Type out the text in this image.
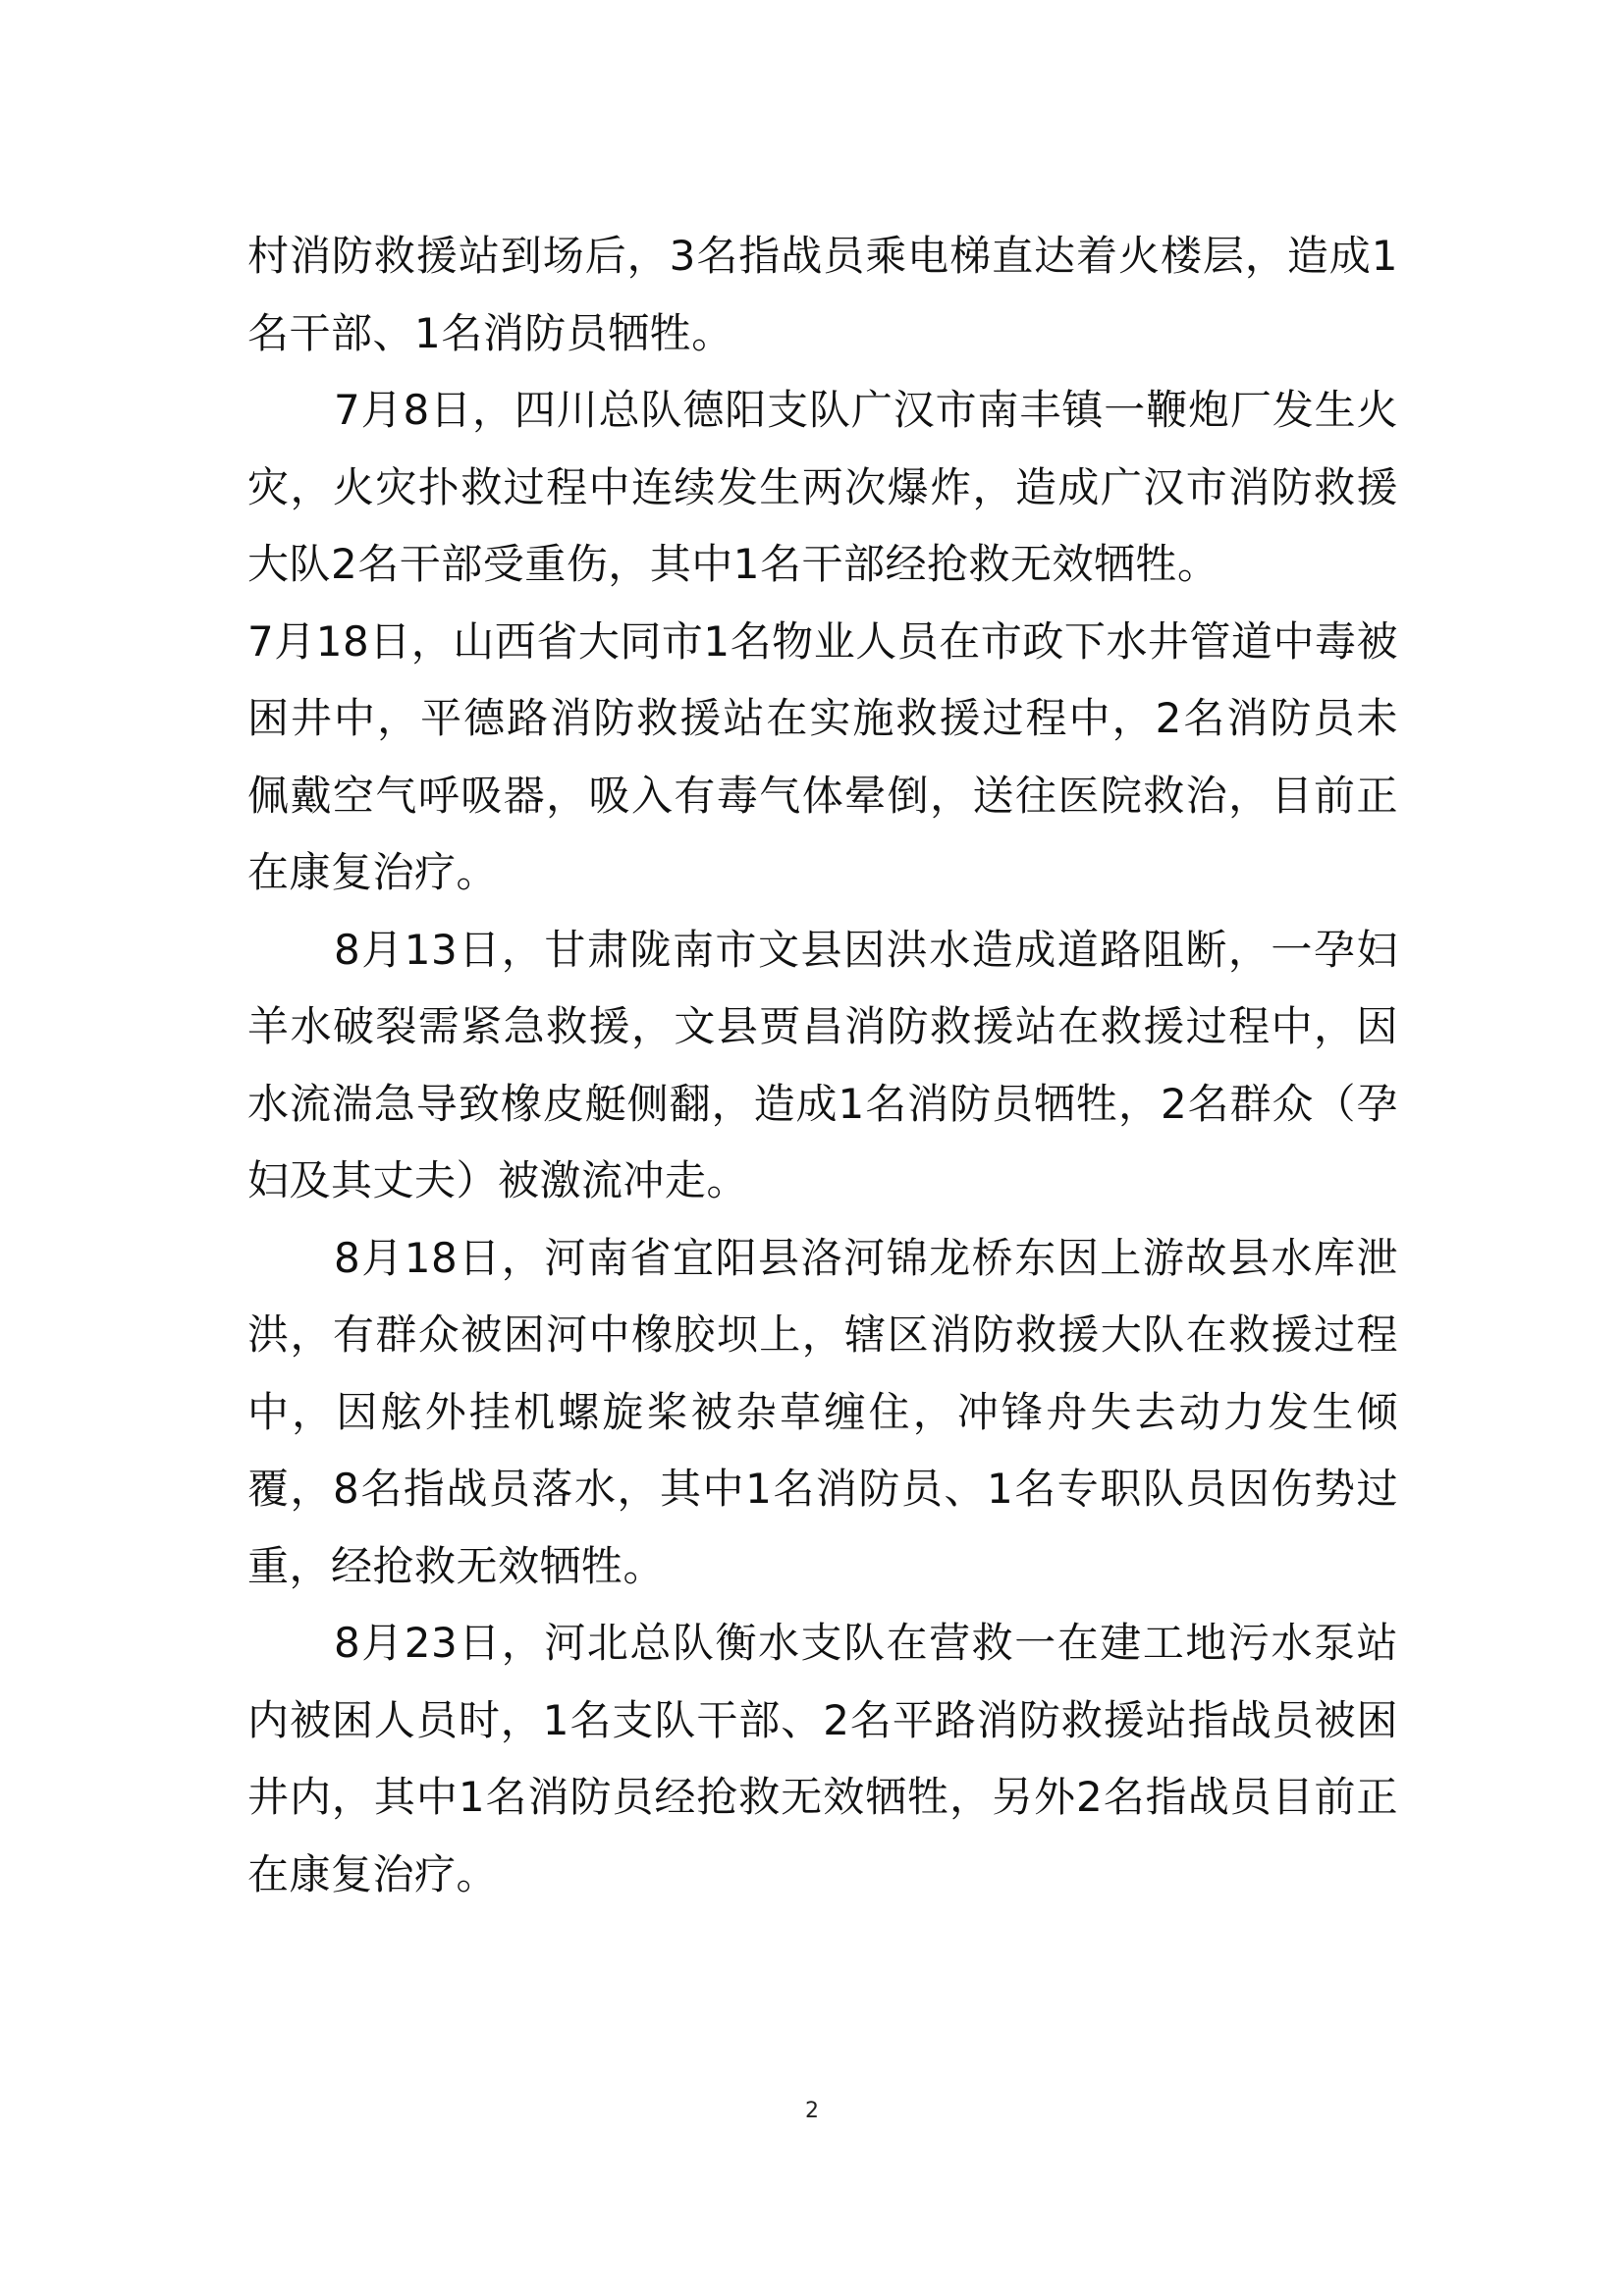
村消防救援站到场后，3名指战员乘电梯直达着火楼层，造成1名干部、1名消防员牺牲。

7月8日，四川总队德阳支队广汉市南丰镇一鞭炮厂发生火灾，火灾扑救过程中连续发生两次爆炸，造成广汉市消防救援大队2名干部受重伤，其中1名干部经抢救无效牺牲。

7月18日，山西省大同市1名物业人员在市政下水井管道中毒被困井中，平德路消防救援站在实施救援过程中，2名消防员未佩戴空气呼吸器，吸入有毒气体晕倒，送往医院救治，目前正在康复治疗。

8月13日，甘肃陇南市文县因洪水造成道路阻断，一孕妇羊水破裂需紧急救援，文县贾昌消防救援站在救援过程中，因水流湍急导致橡皮艇侧翻，造成1名消防员牺牲，2名群众（孕妇及其丈夫）被激流冲走。

8月18日，河南省宜阳县洛河锦龙桥东因上游故县水库泄洪，有群众被困河中橡胶坝上，辖区消防救援大队在救援过程中，因舷外挂机螺旋桨被杂草缠住，冲锋舟失去动力发生倾覆，8名指战员落水，其中1名消防员、1名专职队员因伤势过重，经抢救无效牺牲。

8月23日，河北总队衡水支队在营救一在建工地污水泵站内被困人员时，1名支队干部、2名平路消防救援站指战员被困井内，其中1名消防员经抢救无效牺牲，另外2名指战员目前正在康复治疗。

2
